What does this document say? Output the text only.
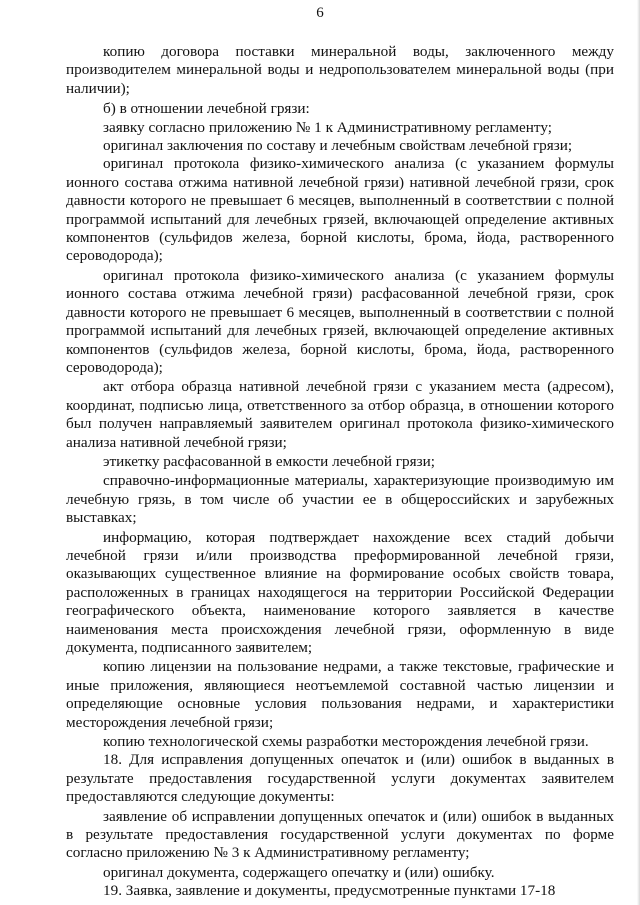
6

копию договора поставки минеральной воды, заключенного между производителем минеральной воды и недропользователем минеральной воды (при наличии);

б) в отношении лечебной грязи:

заявку согласно приложению № 1 к Административному регламенту;

оригинал заключения по составу и лечебным свойствам лечебной грязи;

оригинал протокола физико-химического анализа (с указанием формулы ионного состава отжима нативной лечебной грязи) нативной лечебной грязи, срок давности которого не превышает 6 месяцев, выполненный в соответствии с полной программой испытаний для лечебных грязей, включающей определение активных компонентов (сульфидов железа, борной кислоты, брома, йода, растворенного сероводорода);

оригинал протокола физико-химического анализа (с указанием формулы ионного состава отжима лечебной грязи) расфасованной лечебной грязи, срок давности которого не превышает 6 месяцев, выполненный в соответствии с полной программой испытаний для лечебных грязей, включающей определение активных компонентов (сульфидов железа, борной кислоты, брома, йода, растворенного сероводорода);

акт отбора образца нативной лечебной грязи с указанием места (адресом), координат, подписью лица, ответственного за отбор образца, в отношении которого был получен направляемый заявителем оригинал протокола физико-химического анализа нативной лечебной грязи;

этикетку расфасованной в емкости лечебной грязи;

справочно-информационные материалы, характеризующие производимую им лечебную грязь, в том числе об участии ее в общероссийских и зарубежных выставках;

информацию, которая подтверждает нахождение всех стадий добычи лечебной грязи и/или производства преформированной лечебной грязи, оказывающих существенное влияние на формирование особых свойств товара, расположенных в границах находящегося на территории Российской Федерации географического объекта, наименование которого заявляется в качестве наименования места происхождения лечебной грязи, оформленную в виде документа, подписанного заявителем;

копию лицензии на пользование недрами, а также текстовые, графические и иные приложения, являющиеся неотъемлемой составной частью лицензии и определяющие основные условия пользования недрами, и характеристики месторождения лечебной грязи;

копию технологической схемы разработки месторождения лечебной грязи.

18. Для исправления допущенных опечаток и (или) ошибок в выданных в результате предоставления государственной услуги документах заявителем предоставляются следующие документы:

заявление об исправлении допущенных опечаток и (или) ошибок в выданных в результате предоставления государственной услуги документах по форме согласно приложению № 3 к Административному регламенту;

оригинал документа, содержащего опечатку и (или) ошибку.

19. Заявка, заявление и документы, предусмотренные пунктами 17-18
